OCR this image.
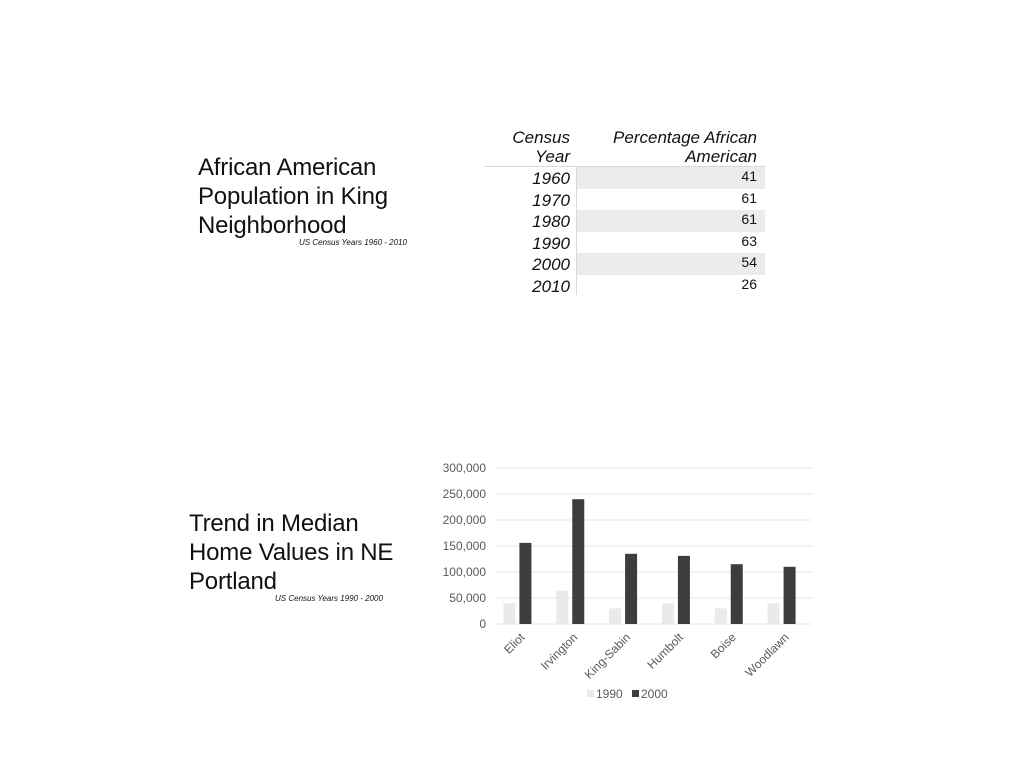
African American Population in King Neighborhood
US Census Years 1960 - 2010
Census Year
Percentage African American
1960	41
1970	61
1980	61
1990	63
2000	54
2010	26
Trend in Median Home Values in NE Portland
US Census Years 1990 - 2000
0
50,000
100,000
150,000
200,000
250,000
300,000
Eliot Irvington King-Sabin Humbolt Boise Woodlawn
1990 2000
